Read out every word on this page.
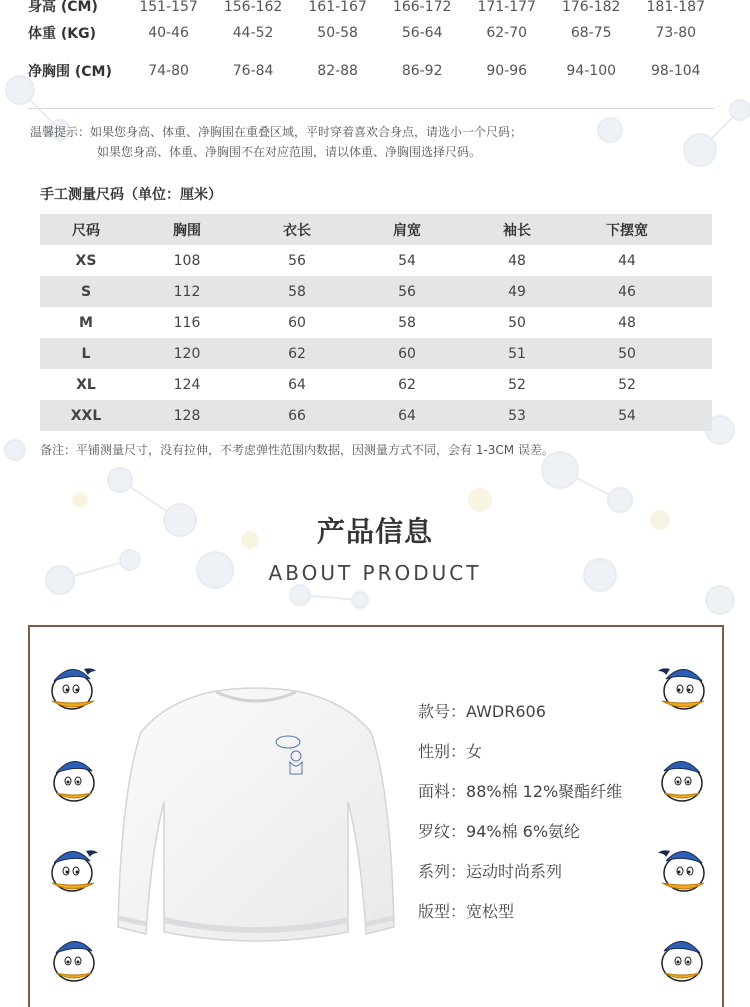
身高 (CM)	151-157	156-162	161-167	166-172	171-177	176-182	181-187
体重 (KG)	40-46	44-52	50-58	56-64	62-70	68-75	73-80
净胸围 (CM)	74-80	76-84	82-88	86-92	90-96	94-100	98-104
温馨提示：如果您身高、体重、净胸围在重叠区域，平时穿着喜欢合身点，请选小一个尺码；
如果您身高、体重、净胸围不在对应范围，请以体重、净胸围选择尺码。
手工测量尺码（单位：厘米）
尺码	胸围	衣长	肩宽	袖长	下摆宽
XS	108	56	54	48	44
S	112	58	56	49	46
M	116	60	58	50	48
L	120	62	60	51	50
XL	124	64	62	52	52
XXL	128	66	64	53	54
备注：平铺测量尺寸，没有拉伸，不考虑弹性范围内数据，因测量方式不同，会有 1-3CM 误差。
产品信息
ABOUT PRODUCT
款号：AWDR606
性别：女
面料：88%棉 12%聚酯纤维
罗纹：94%棉 6%氨纶
系列：运动时尚系列
版型：宽松型
